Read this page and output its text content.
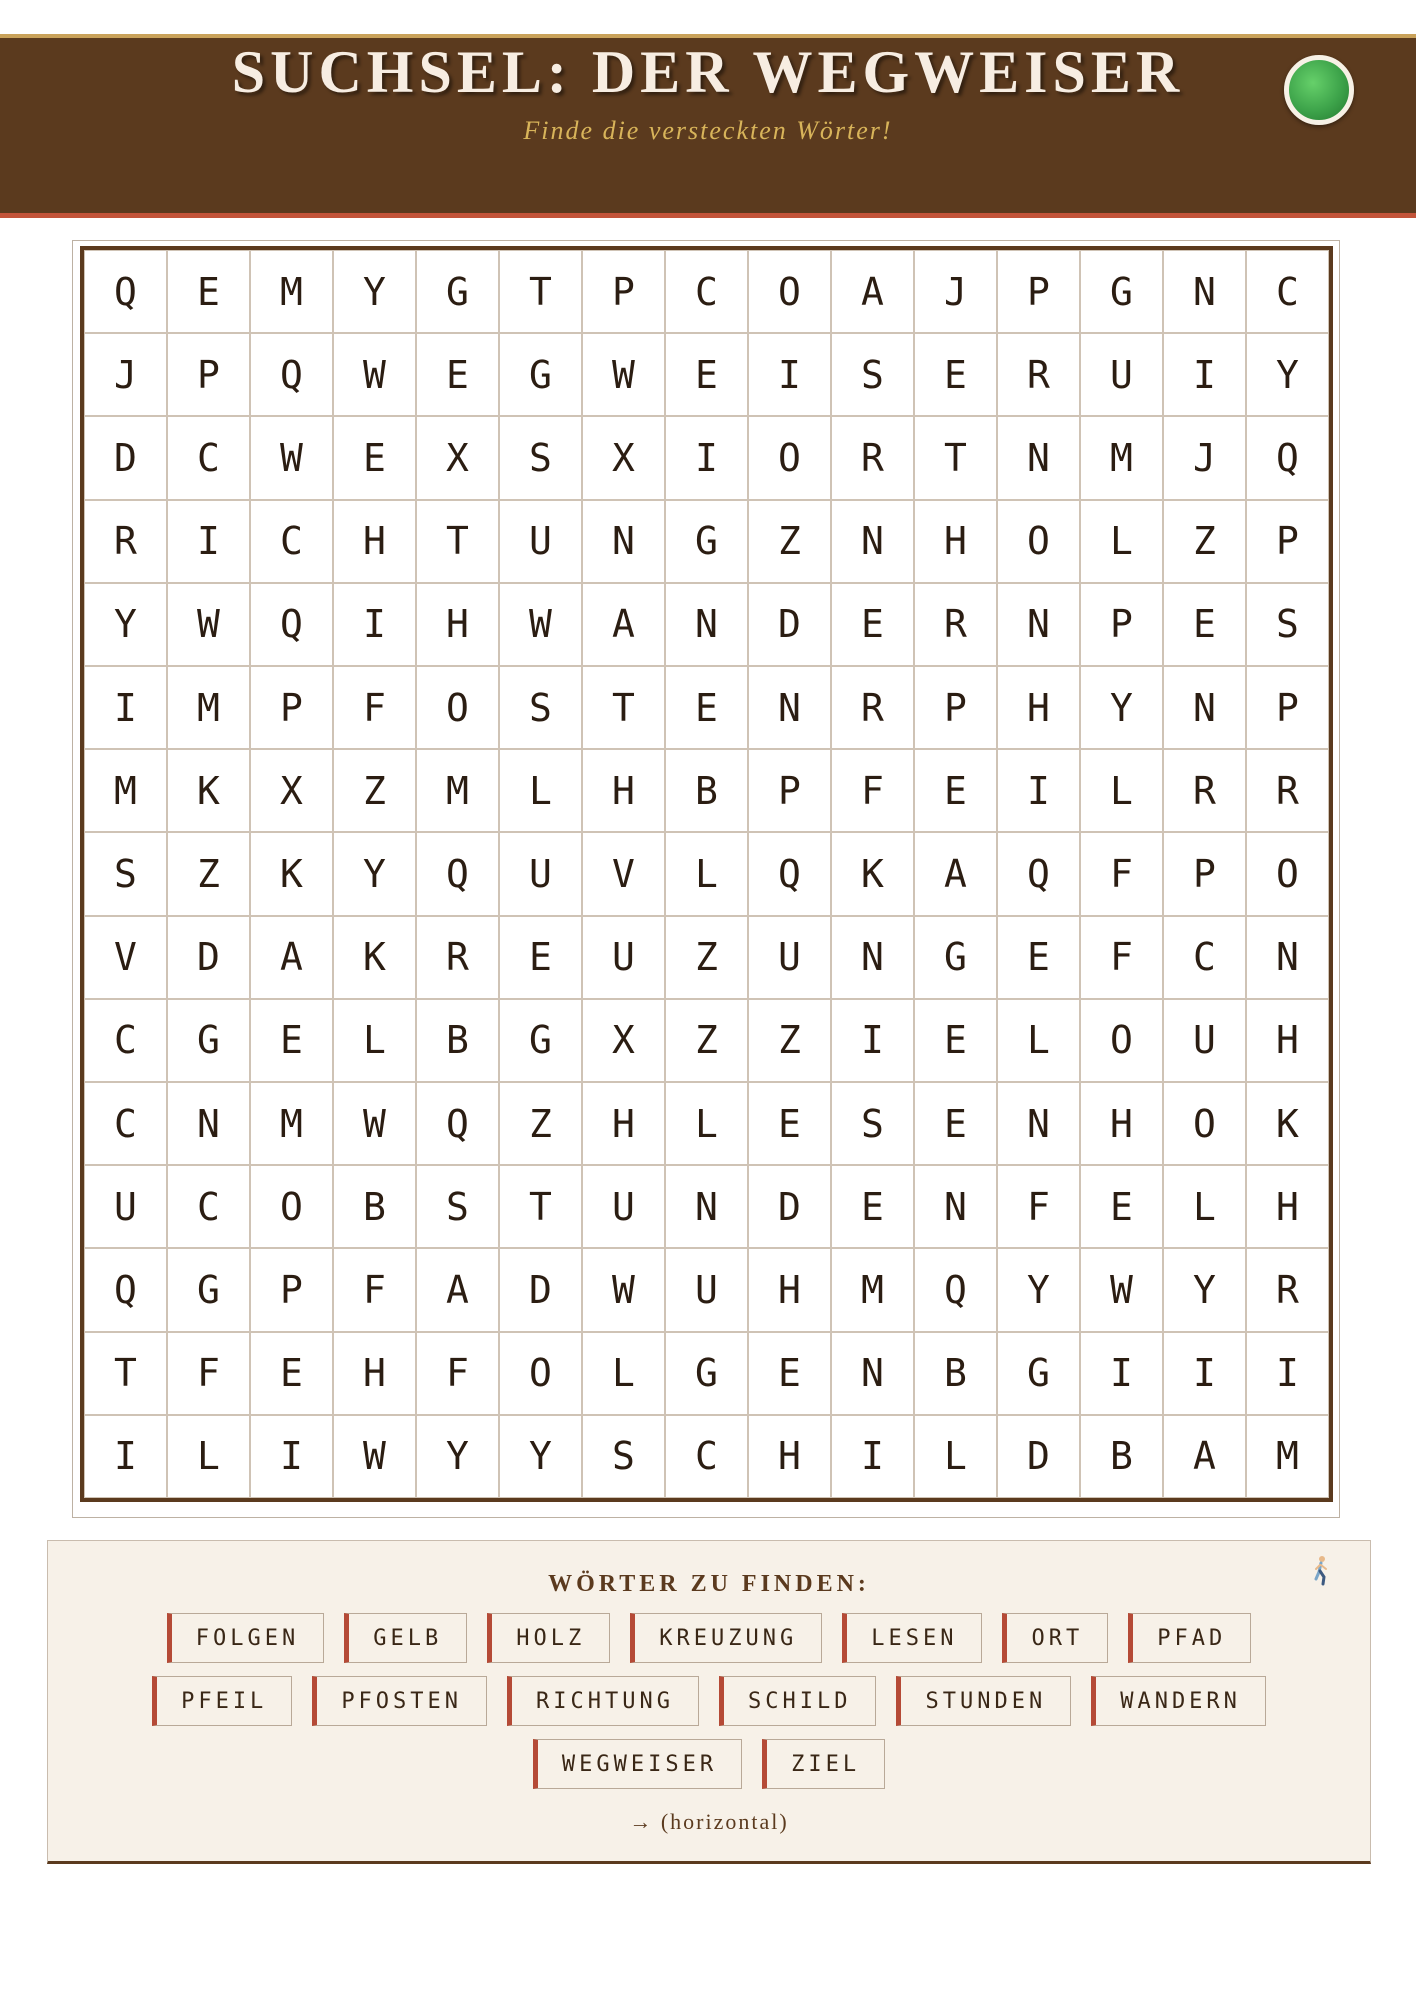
SUCHSEL: DER WEGWEISER
Finde die versteckten Wörter!
Q	E	M	Y	G	T	P	C	O	A	J	P	G	N	C
J	P	Q	W	E	G	W	E	I	S	E	R	U	I	Y
D	C	W	E	X	S	X	I	O	R	T	N	M	J	Q
R	I	C	H	T	U	N	G	Z	N	H	O	L	Z	P
Y	W	Q	I	H	W	A	N	D	E	R	N	P	E	S
I	M	P	F	O	S	T	E	N	R	P	H	Y	N	P
M	K	X	Z	M	L	H	B	P	F	E	I	L	R	R
S	Z	K	Y	Q	U	V	L	Q	K	A	Q	F	P	O
V	D	A	K	R	E	U	Z	U	N	G	E	F	C	N
C	G	E	L	B	G	X	Z	Z	I	E	L	O	U	H
C	N	M	W	Q	Z	H	L	E	S	E	N	H	O	K
U	C	O	B	S	T	U	N	D	E	N	F	E	L	H
Q	G	P	F	A	D	W	U	H	M	Q	Y	W	Y	R
T	F	E	H	F	O	L	G	E	N	B	G	I	I	I
I	L	I	W	Y	Y	S	C	H	I	L	D	B	A	M
WÖRTER ZU FINDEN:
FOLGEN	GELB	HOLZ	KREUZUNG	LESEN	ORT	PFAD
PFEIL	PFOSTEN	RICHTUNG	SCHILD	STUNDEN	WANDERN
WEGWEISER	ZIEL
→ (horizontal)
